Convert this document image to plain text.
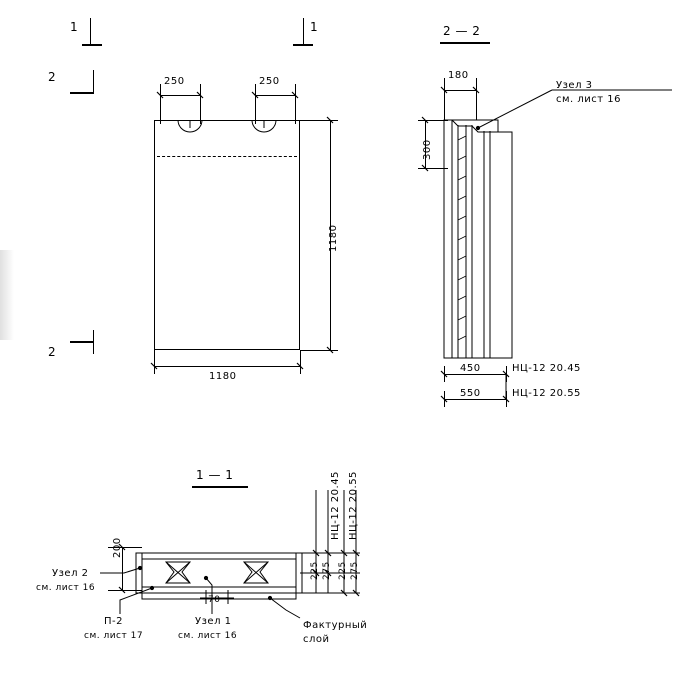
1	1
2
2
2 — 2
1 — 1
250	250
1180
1180
180
300
450	НЦ-12 20.45
550	НЦ-12 20.55
Узел 3
см. лист 16
Узел 2
см. лист 16
П-2
см. лист 17
Узел 1
см. лист 16
Фактурный
слой
70
НЦ-12 20.45 НЦ-12 20.55
225 275 225 275
